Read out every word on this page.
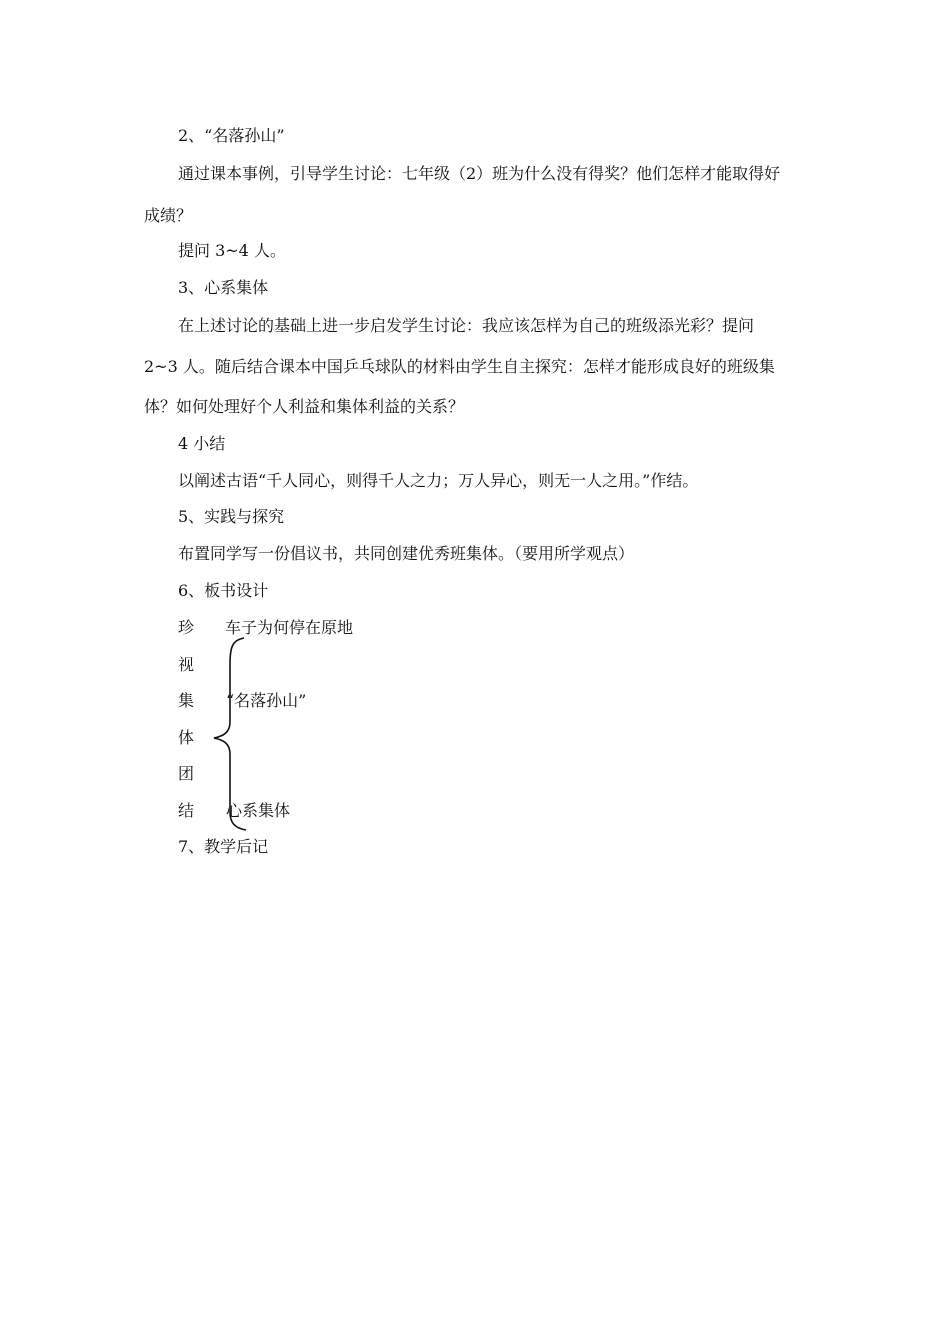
2、“名落孙山”
通过课本事例，引导学生讨论：七年级（2）班为什么没有得奖？他们怎样才能取得好
成绩？
提问 3~4 人。
3、心系集体
在上述讨论的基础上进一步启发学生讨论：我应该怎样为自己的班级添光彩？提问
2~3 人。随后结合课本中国乒乓球队的材料由学生自主探究：怎样才能形成良好的班级集
体？如何处理好个人利益和集体利益的关系？
4 小结
以阐述古语“千人同心，则得千人之力；万人异心，则无一人之用。”作结。
5、实践与探究
布置同学写一份倡议书，共同创建优秀班集体。（要用所学观点）
6、板书设计
珍
视
集
体
团
结
车子为何停在原地
“名落孙山”
心系集体
7、教学后记
